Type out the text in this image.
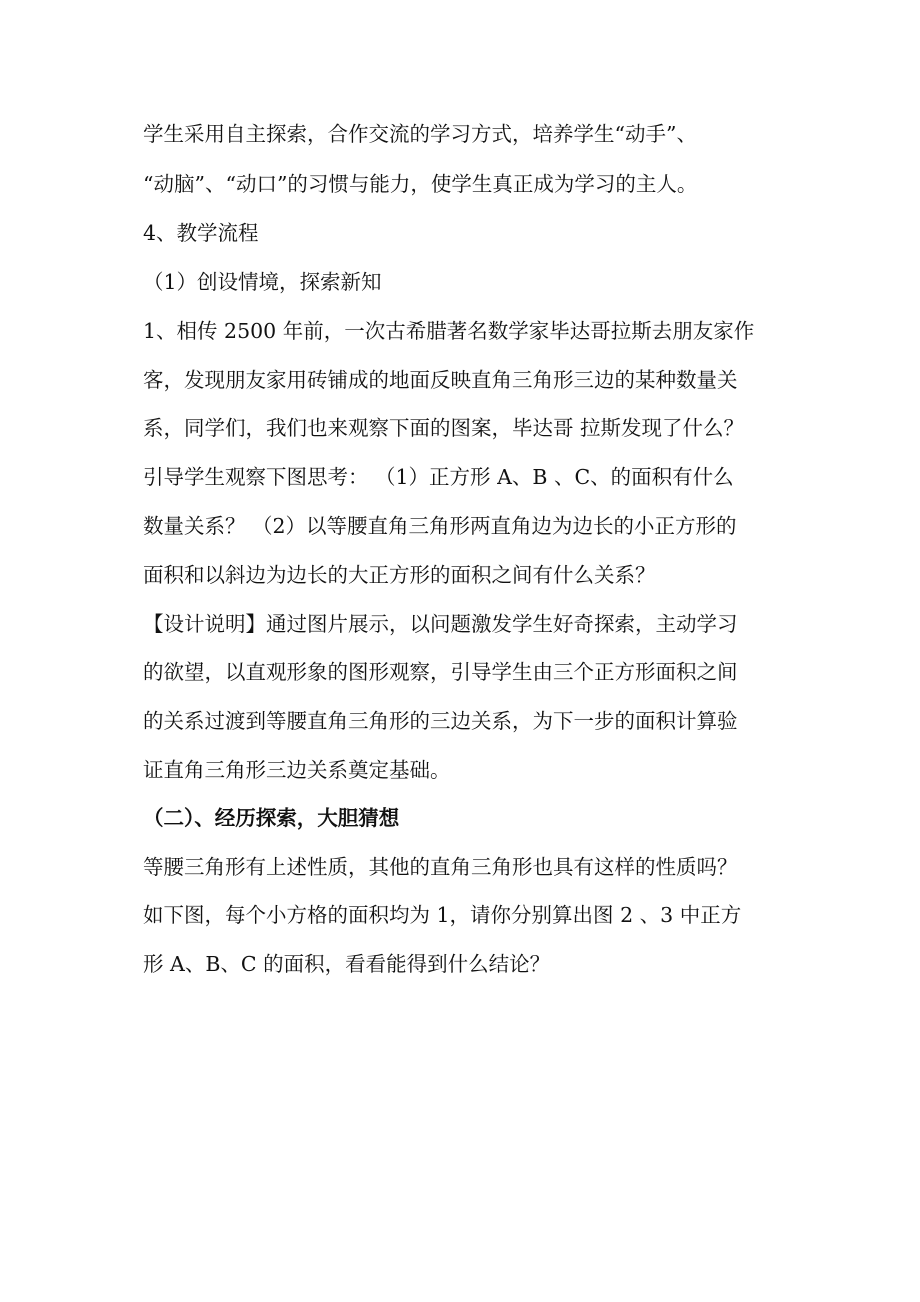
学生采用自主探索，合作交流的学习方式，培养学生“动手”、
“动脑”、“动口”的习惯与能力，使学生真正成为学习的主人。
4、教学流程
（1）创设情境，探索新知
1、相传 2500 年前，一次古希腊著名数学家毕达哥拉斯去朋友家作
客，发现朋友家用砖铺成的地面反映直角三角形三边的某种数量关
系，同学们，我们也来观察下面的图案，毕达哥 拉斯发现了什么？
引导学生观察下图思考： （1）正方形 A、B 、C、的面积有什么
数量关系？ （2）以等腰直角三角形两直角边为边长的小正方形的
面积和以斜边为边长的大正方形的面积之间有什么关系？
【设计说明】通过图片展示，以问题激发学生好奇探索，主动学习
的欲望，以直观形象的图形观察，引导学生由三个正方形面积之间
的关系过渡到等腰直角三角形的三边关系，为下一步的面积计算验
证直角三角形三边关系奠定基础。
（二）、经历探索，大胆猜想
等腰三角形有上述性质，其他的直角三角形也具有这样的性质吗？
如下图，每个小方格的面积均为 1，请你分别算出图 2 、3 中正方
形 A、B、C 的面积，看看能得到什么结论？
